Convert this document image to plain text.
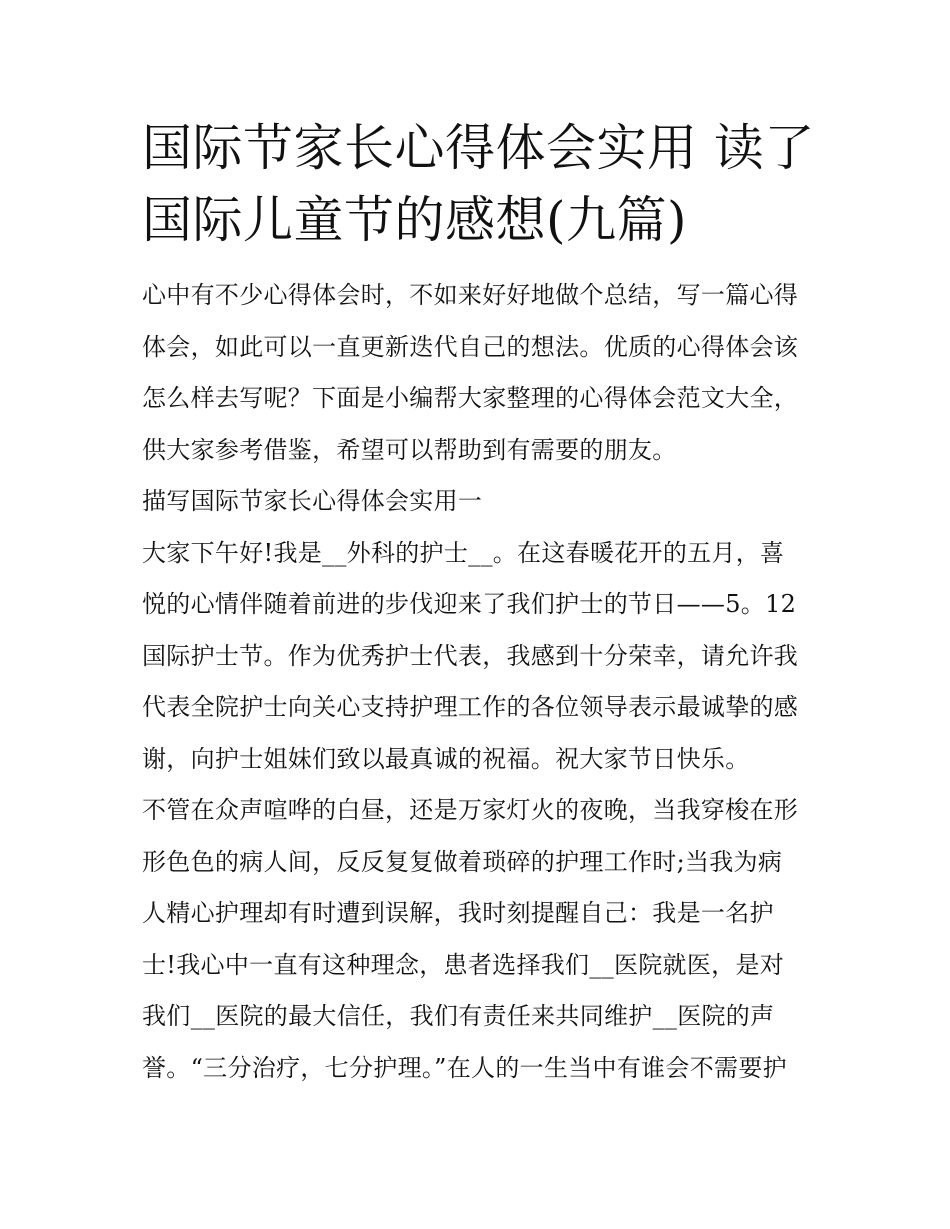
国际节家长心得体会实用 读了
国际儿童节的感想(九篇)

心中有不少心得体会时，不如来好好地做个总结，写一篇心得
体会，如此可以一直更新迭代自己的想法。优质的心得体会该
怎么样去写呢？下面是小编帮大家整理的心得体会范文大全，
供大家参考借鉴，希望可以帮助到有需要的朋友。

描写国际节家长心得体会实用一

大家下午好!我是__外科的护士__。在这春暖花开的五月，喜
悦的心情伴随着前进的步伐迎来了我们护士的节日——5。12
国际护士节。作为优秀护士代表，我感到十分荣幸，请允许我
代表全院护士向关心支持护理工作的各位领导表示最诚挚的感
谢，向护士姐妹们致以最真诚的祝福。祝大家节日快乐。

不管在众声喧哗的白昼，还是万家灯火的夜晚，当我穿梭在形
形色色的病人间，反反复复做着琐碎的护理工作时;当我为病
人精心护理却有时遭到误解，我时刻提醒自己：我是一名护
士!我心中一直有这种理念，患者选择我们__医院就医，是对
我们__医院的最大信任，我们有责任来共同维护__医院的声
誉。“三分治疗，七分护理。”在人的一生当中有谁会不需要护
